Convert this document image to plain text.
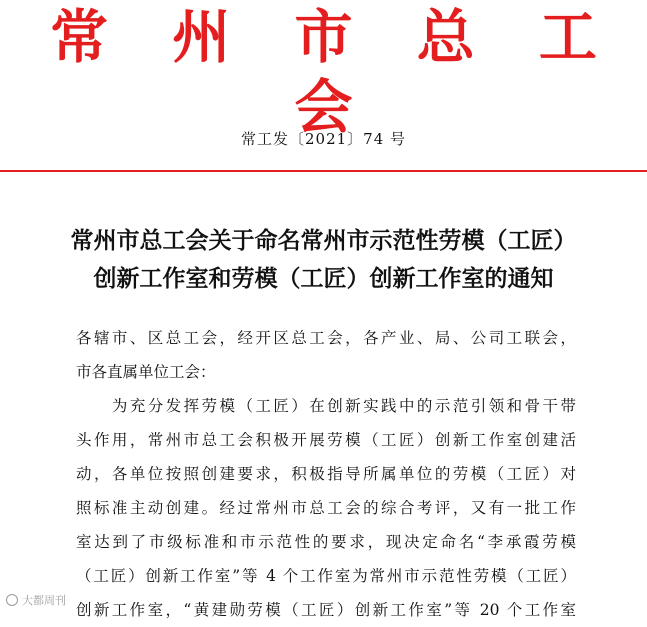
常 州 市 总 工 会
常工发〔2021〕74 号
常州市总工会关于命名常州市示范性劳模（工匠）
创新工作室和劳模（工匠）创新工作室的通知

各辖市、区总工会，经开区总工会，各产业、局、公司工联会，

市各直属单位工会：

　　为充分发挥劳模（工匠）在创新实践中的示范引领和骨干带

头作用，常州市总工会积极开展劳模（工匠）创新工作室创建活

动，各单位按照创建要求，积极指导所属单位的劳模（工匠）对

照标准主动创建。经过常州市总工会的综合考评，又有一批工作

室达到了市级标准和市示范性的要求，现决定命名“李承霞劳模

（工匠）创新工作室”等 4 个工作室为常州市示范性劳模（工匠）

创新工作室，“黄建勋劳模（工匠）创新工作室”等 20 个工作室

大都周刊
